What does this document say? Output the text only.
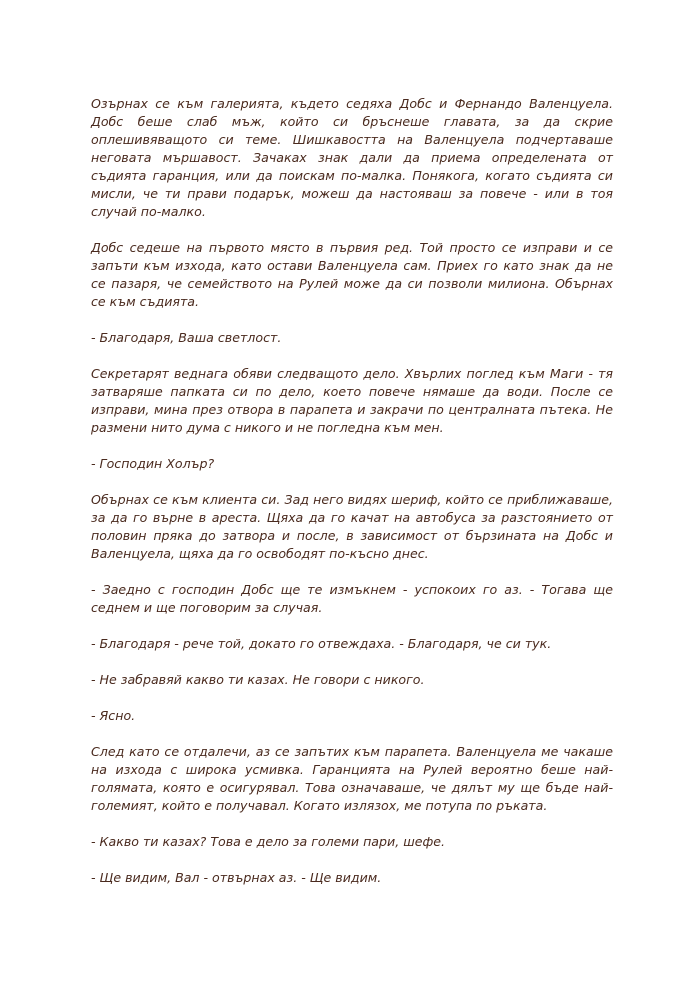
Озърнах се към галерията, където седяха Добс и Фернандо Валенцуела. Добс беше слаб мъж, който си бръснеше главата, за да скрие оплешивяващото си теме. Шишкавостта на Валенцуела подчертаваше неговата мършавост. Зачаках знак дали да приема определената от съдията гаранция, или да поискам по-малка. Понякога, когато съдията си мисли, че ти прави подарък, можеш да настояваш за повече - или в тоя случай по-малко.

Добс седеше на първото място в първия ред. Той просто се изправи и се запъти към изхода, като остави Валенцуела сам. Приех го като знак да не се пазаря, че семейството на Рулей може да си позволи милиона. Обърнах се към съдията.

- Благодаря, Ваша светлост.

Секретарят веднага обяви следващото дело. Хвърлих поглед към Маги - тя затваряше папката си по дело, което повече нямаше да води. После се изправи, мина през отвора в парапета и закрачи по централната пътека. Не размени нито дума с никого и не погледна към мен.

- Господин Холър?

Обърнах се към клиента си. Зад него видях шериф, който се приближаваше, за да го върне в ареста. Щяха да го качат на автобуса за разстоянието от половин пряка до затвора и после, в зависимост от бързината на Добс и Валенцуела, щяха да го освободят по-късно днес.

- Заедно с господин Добс ще те измъкнем - успокоих го аз. - Тогава ще седнем и ще поговорим за случая.

- Благодаря - рече той, докато го отвеждаха. - Благодаря, че си тук.

- Не забравяй какво ти казах. Не говори с никого.

- Ясно.

След като се отдалечи, аз се запътих към парапета. Валенцуела ме чакаше на изхода с широка усмивка. Гаранцията на Рулей вероятно беше най-голямата, която е осигурявал. Това означаваше, че дялът му ще бъде най-големият, който е получавал. Когато излязох, ме потупа по ръката.

- Какво ти казах? Това е дело за големи пари, шефе.

- Ще видим, Вал - отвърнах аз. - Ще видим.
